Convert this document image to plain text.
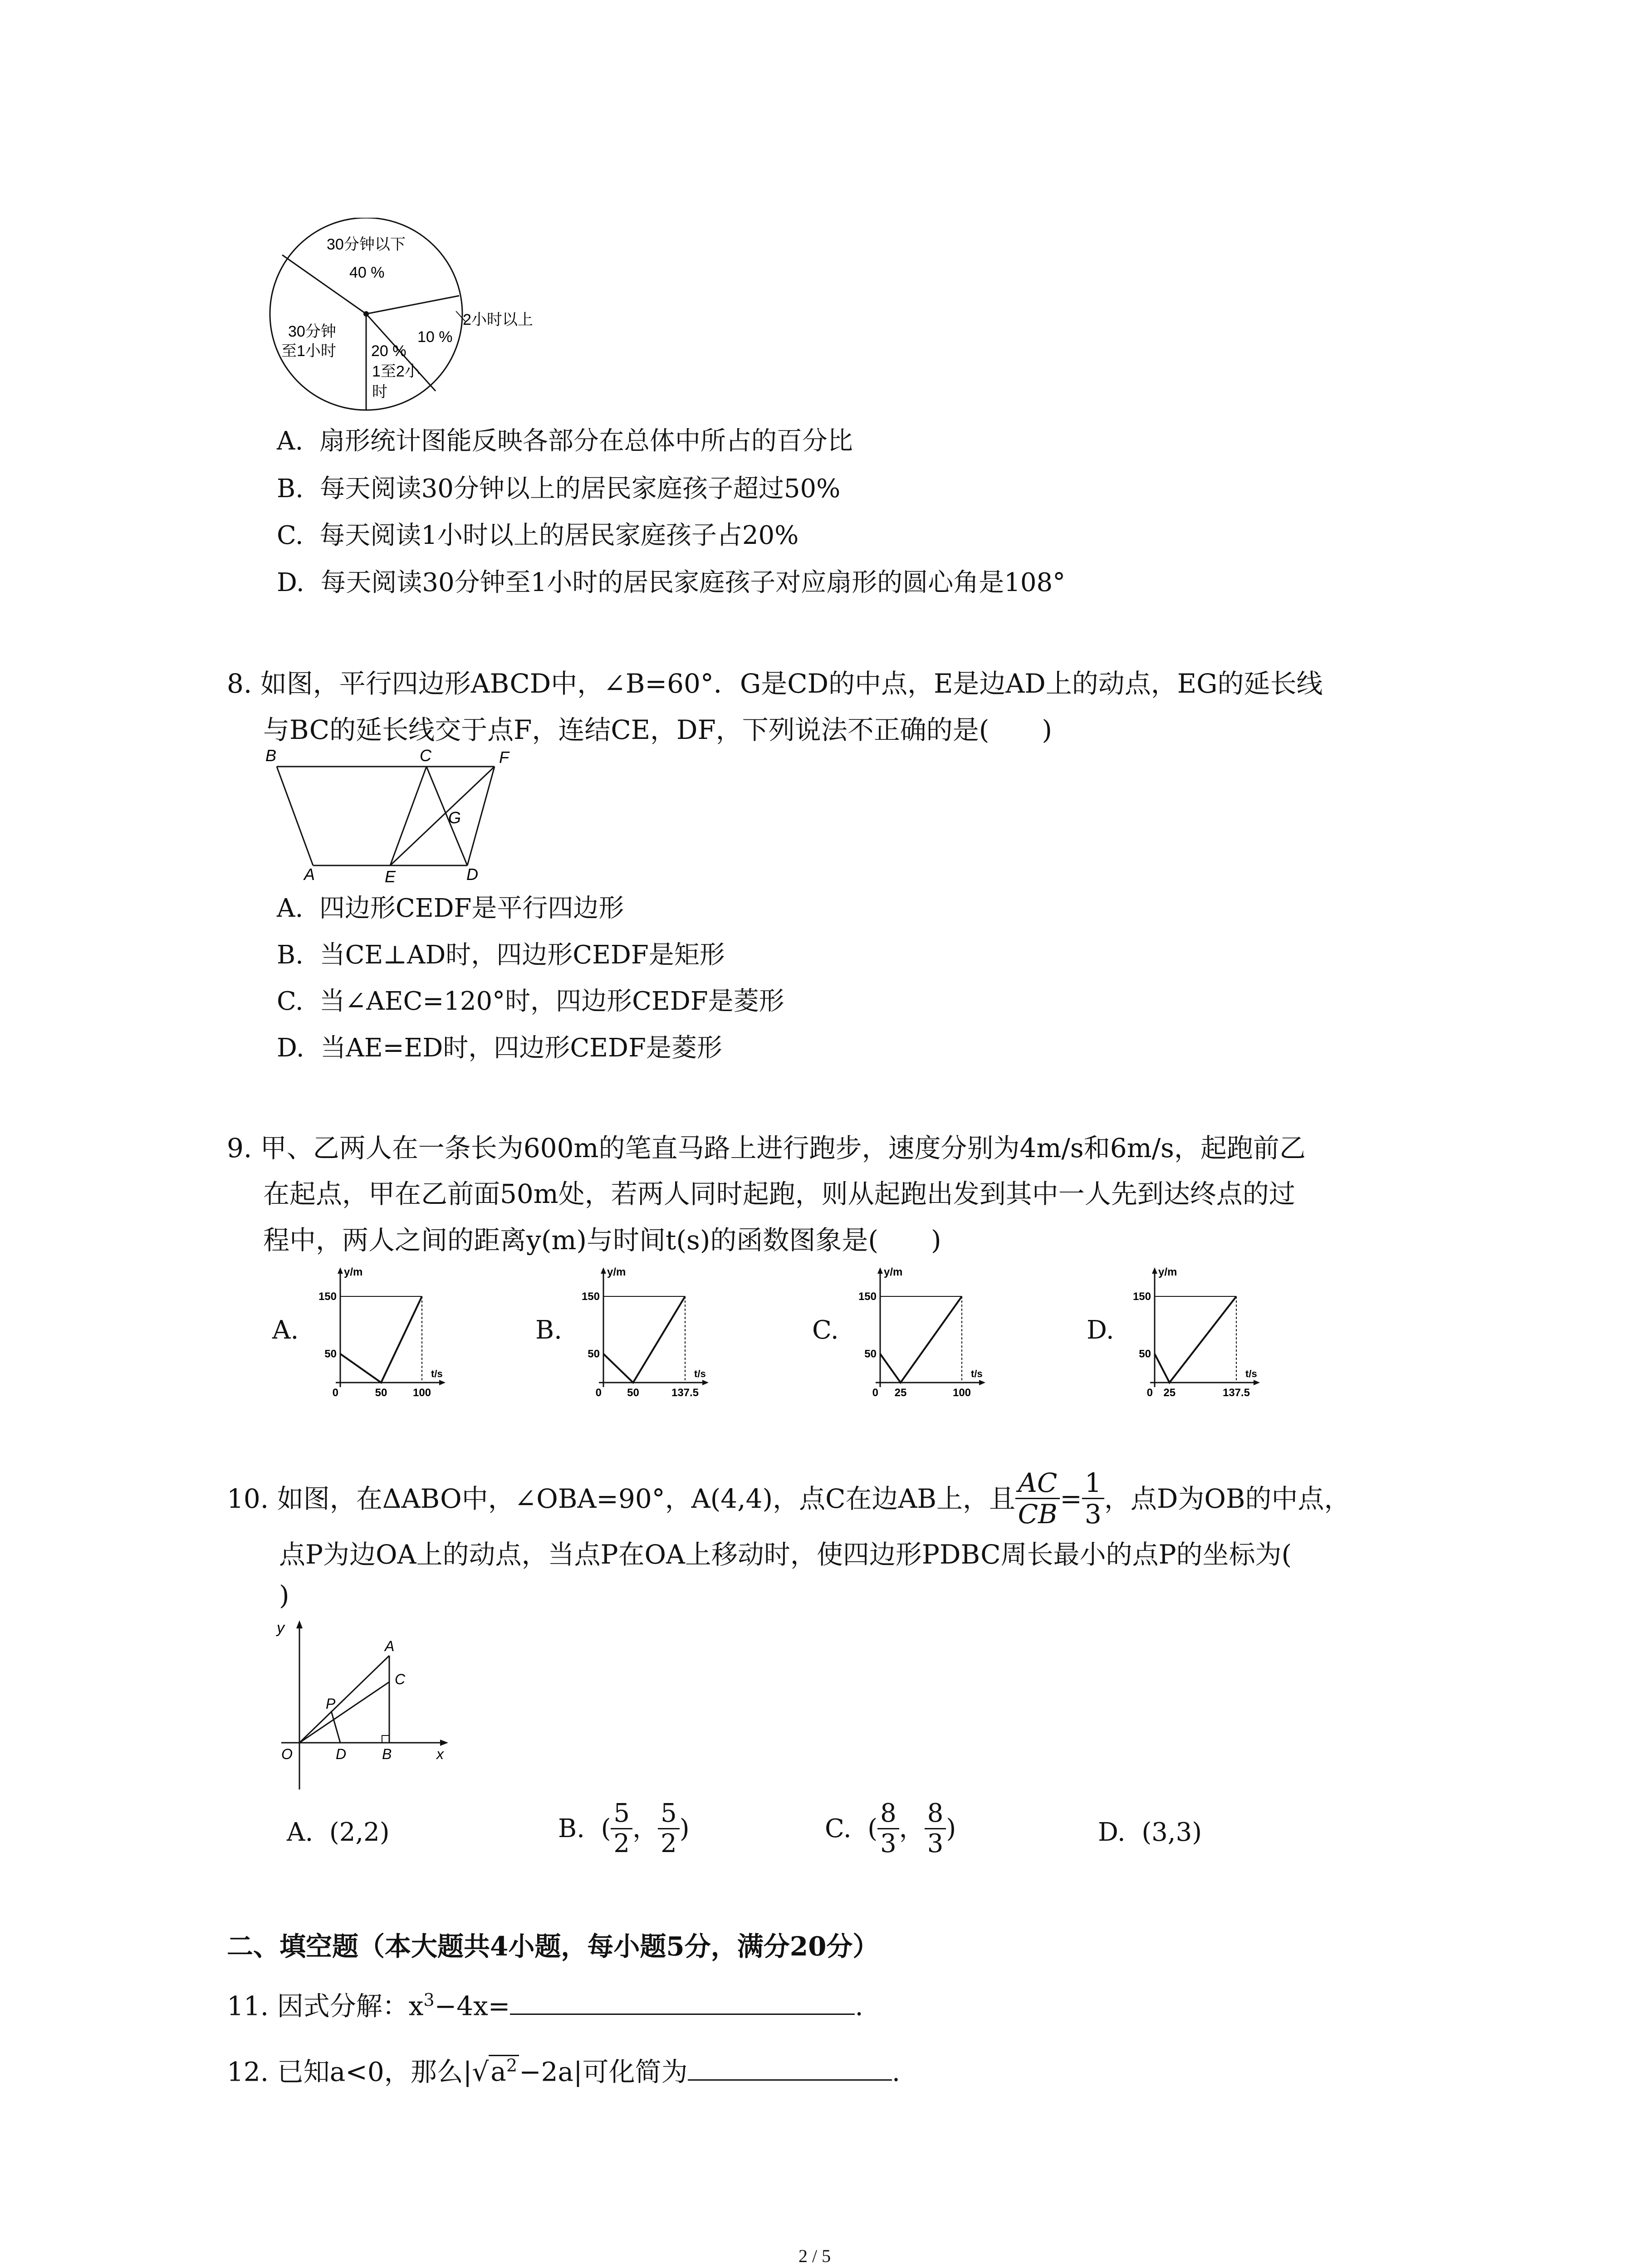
30分钟以下
40 %
30分钟
至1小时 20 %
1至2小
时
10 %
2小时以上
A. 扇形统计图能反映各部分在总体中所占的百分比
B. 每天阅读30分钟以上的居民家庭孩子超过50%
C. 每天阅读1小时以上的居民家庭孩子占20%
D. 每天阅读30分钟至1小时的居民家庭孩子对应扇形的圆心角是108°
8. 如图，平行四边形ABCD中，∠B=60°．G是CD的中点，E是边AD上的动点，EG的延长线
与BC的延长线交于点F，连结CE，DF，下列说法不正确的是(　　)
B	C	F
G
A	E	D
A. 四边形CEDF是平行四边形
B. 当CE⊥AD时，四边形CEDF是矩形
C. 当∠AEC=120°时，四边形CEDF是菱形
D. 当AE=ED时，四边形CEDF是菱形
9. 甲、乙两人在一条长为600m的笔直马路上进行跑步，速度分别为4m/s和6m/s，起跑前乙
在起点，甲在乙前面50m处，若两人同时起跑，则从起跑出发到其中一人先到达终点的过
程中，两人之间的距离y(m)与时间t(s)的函数图象是(　　)
A.
y/m
t/s
150
50
0	50 100
B.
y/m
t/s
150
50
0 50	137.5
C.
y/m
t/s
150
50
0 25	100
D.
y/m
t/s
150
50
0 25	137.5
10.
如图，在ΔABO中，∠OBA=90°，A(4,4)，点C在边AB上，且 $\frac{AC}{CB} = \frac{1}{3}$ ，点D为OB的中点，
点P为边OA上的动点，当点P在OA上移动时，使四边形PDBC周长最小的点P的坐标为(
)
y
A
C
P
O	D B	x
A. (2,2)	B.
( $\frac{5}{2}$ ， $\frac{5}{2}$ )	C.
( $\frac{8}{3}$ ， $\frac{8}{3}$ )	D. (3,3)
二、填空题（本大题共4小题，每小题5分，满分20分）
11. 因式分解：$x^3-4x=$	.
12. 已知a<0，那么$|√a^2-2a|$可化简为	.
2 / 5
